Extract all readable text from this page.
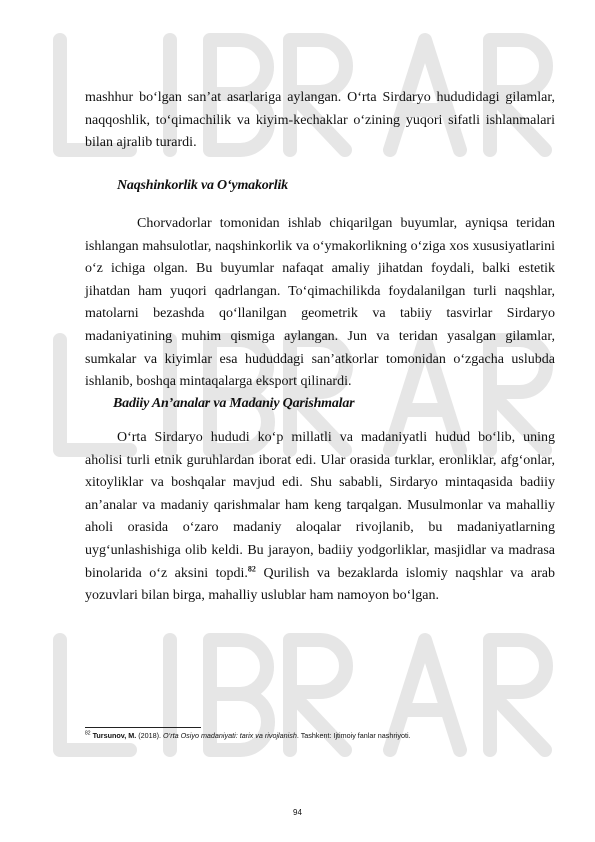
mashhur bo‘lgan san’at asarlariga aylangan. O‘rta Sirdaryo hududidagi gilamlar, naqqoshlik, to‘qimachilik va kiyim-kechaklar o‘zining yuqori sifatli ishlanmalari bilan ajralib turardi.

Naqshinkorlik va O‘ymakorlik

Chorvadorlar tomonidan ishlab chiqarilgan buyumlar, ayniqsa teridan ishlangan mahsulotlar, naqshinkorlik va o‘ymakorlikning o‘ziga xos xususiyatlarini o‘z ichiga olgan. Bu buyumlar nafaqat amaliy jihatdan foydali, balki estetik jihatdan ham yuqori qadrlangan. To‘qimachilikda foydalanilgan turli naqshlar, matolarni bezashda qo‘llanilgan geometrik va tabiiy tasvirlar Sirdaryo madaniyatining muhim qismiga aylangan. Jun va teridan yasalgan gilamlar, sumkalar va kiyimlar esa hududdagi san’atkorlar tomonidan o‘zgacha uslubda ishlanib, boshqa mintaqalarga eksport qilinardi.

Badiiy An’analar va Madaniy Qarishmalar

O‘rta Sirdaryo hududi ko‘p millatli va madaniyatli hudud bo‘lib, uning aholisi turli etnik guruhlardan iborat edi. Ular orasida turklar, eronliklar, afg‘onlar, xitoyliklar va boshqalar mavjud edi. Shu sababli, Sirdaryo mintaqasida badiiy an’analar va madaniy qarishmalar ham keng tarqalgan. Musulmonlar va mahalliy aholi orasida o‘zaro madaniy aloqalar rivojlanib, bu madaniyatlarning uyg‘unlashishiga olib keldi. Bu jarayon, badiiy yodgorliklar, masjidlar va madrasa binolarida o‘z aksini topdi.$^{82}$ Qurilish va bezaklarda islomiy naqshlar va arab yozuvlari bilan birga, mahalliy uslublar ham namoyon bo‘lgan.

$^{82}$ Tursunov, M. (2018). O‘rta Osiyo madaniyati: tarix va rivojlanish. Tashkent: Ijtimoiy fanlar nashriyoti.

94
